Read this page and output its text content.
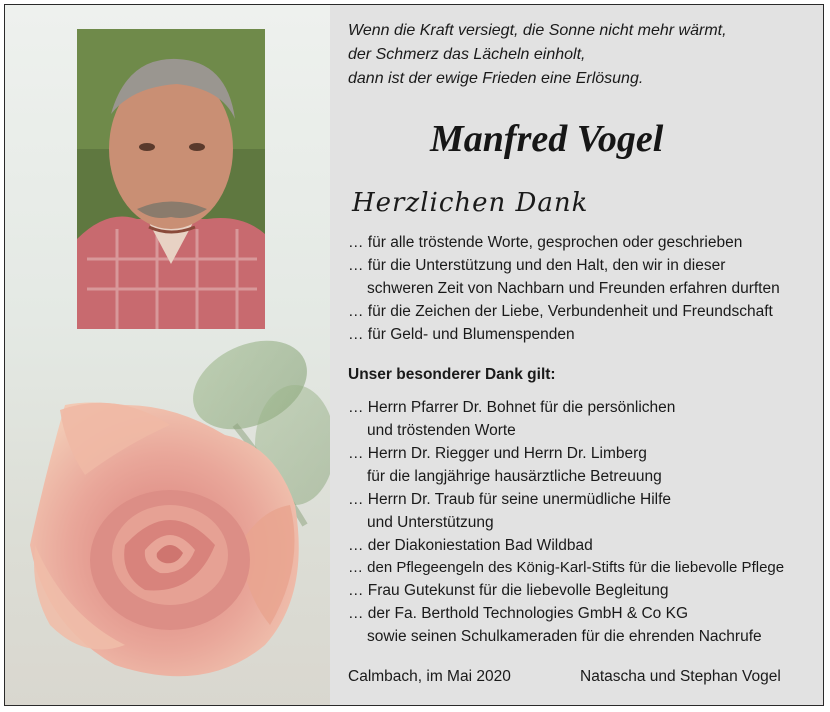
Wenn die Kraft versiegt, die Sonne nicht mehr wärmt,
der Schmerz das Lächeln einholt,
dann ist der ewige Frieden eine Erlösung.
Manfred Vogel
Herzlichen Dank
… für alle tröstende Worte, gesprochen oder geschrieben
… für die Unterstützung und den Halt, den wir in dieser
schweren Zeit von Nachbarn und Freunden erfahren durften
… für die Zeichen der Liebe, Verbundenheit und Freundschaft
… für Geld- und Blumenspenden
Unser besonderer Dank gilt:
… Herrn Pfarrer Dr. Bohnet für die persönlichen
und tröstenden Worte
… Herrn Dr. Riegger und Herrn Dr. Limberg
für die langjährige hausärztliche Betreuung
… Herrn Dr. Traub für seine unermüdliche Hilfe
und Unterstützung
… der Diakoniestation Bad Wildbad
… den Pflegeengeln des König-Karl-Stifts für die liebevolle Pflege
… Frau Gutekunst für die liebevolle Begleitung
… der Fa. Berthold Technologies GmbH & Co KG
sowie seinen Schulkameraden für die ehrenden Nachrufe
Calmbach, im Mai 2020	Natascha und Stephan Vogel
